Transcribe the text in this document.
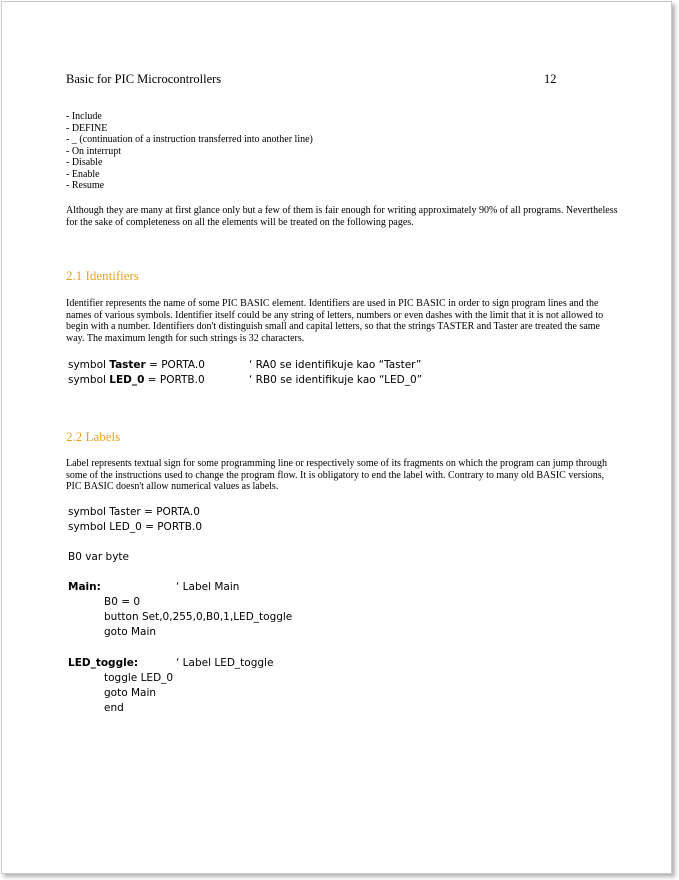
Basic for PIC Microcontrollers	12
- Include
- DEFINE
- _ (continuation of a instruction transferred into another line)
- On interrupt
- Disable
- Enable
- Resume
Although they are many at first glance only but a few of them is fair enough for writing approximately 90% of all programs. Nevertheless for the sake of completeness on all the elements will be treated on the following pages.
2.1 Identifiers
Identifier represents the name of some PIC BASIC element. Identifiers are used in PIC BASIC in order to sign program lines and the names of various symbols. Identifier itself could be any string of letters, numbers or even dashes with the limit that it is not allowed to begin with a number. Identifiers don't distinguish small and capital letters, so that the strings TASTER and Taster are treated the same way. The maximum length for such strings is 32 characters.
symbol Taster = PORTA.0	‘ RA0 se identifikuje kao “Taster”
symbol LED_0 = PORTB.0	‘ RB0 se identifikuje kao “LED_0”
2.2 Labels
Label represents textual sign for some programming line or respectively some of its fragments on which the program can jump through some of the instructions used to change the program flow. It is obligatory to end the label with. Contrary to many old BASIC versions, PIC BASIC doesn't allow numerical values as labels.
symbol Taster = PORTA.0
symbol LED_0 = PORTB.0
B0 var byte
Main:	‘ Label Main
B0 = 0
button Set,0,255,0,B0,1,LED_toggle
goto Main
LED_toggle:	‘ Label LED_toggle
toggle LED_0
goto Main
end
